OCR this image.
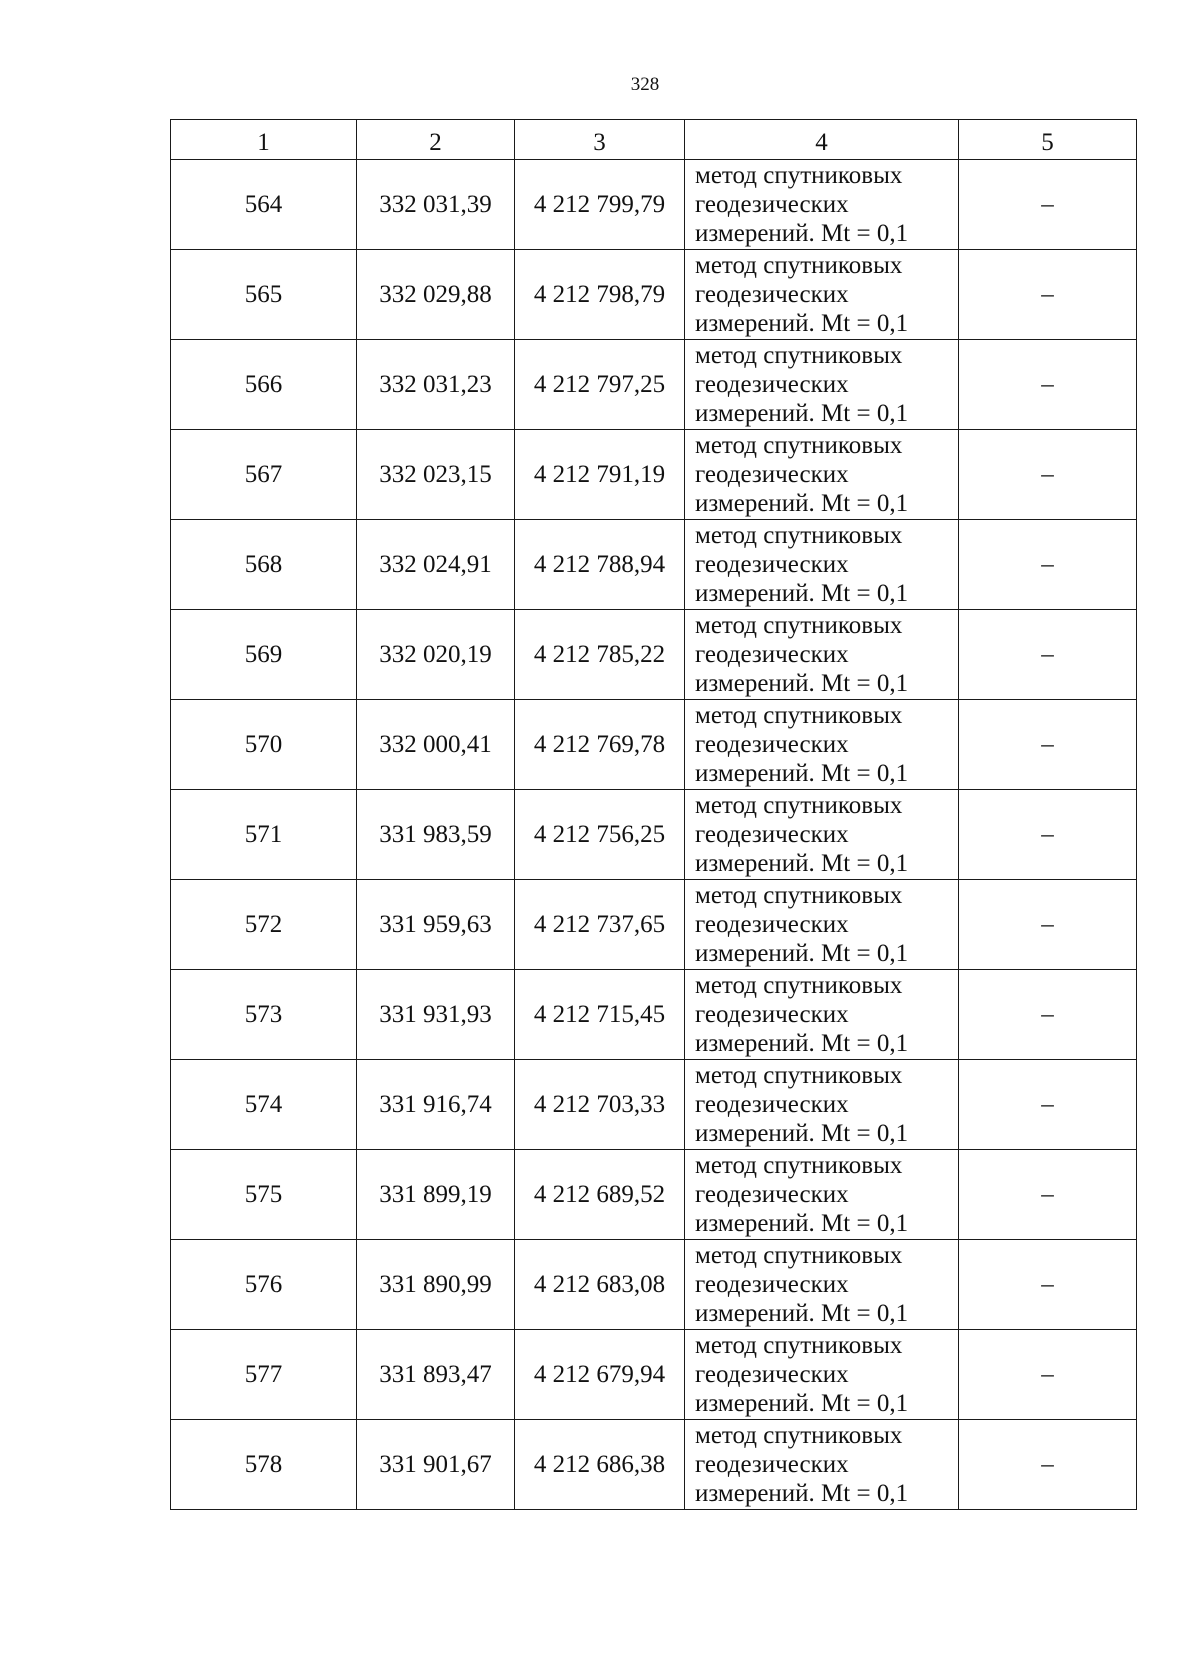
328
1	2	3	4	5
564	332 031,39	4 212 799,79	метод спутниковых
геодезических
измерений. Mt = 0,1	–
565	332 029,88	4 212 798,79	метод спутниковых
геодезических
измерений. Mt = 0,1	–
566	332 031,23	4 212 797,25	метод спутниковых
геодезических
измерений. Mt = 0,1	–
567	332 023,15	4 212 791,19	метод спутниковых
геодезических
измерений. Mt = 0,1	–
568	332 024,91	4 212 788,94	метод спутниковых
геодезических
измерений. Mt = 0,1	–
569	332 020,19	4 212 785,22	метод спутниковых
геодезических
измерений. Mt = 0,1	–
570	332 000,41	4 212 769,78	метод спутниковых
геодезических
измерений. Mt = 0,1	–
571	331 983,59	4 212 756,25	метод спутниковых
геодезических
измерений. Mt = 0,1	–
572	331 959,63	4 212 737,65	метод спутниковых
геодезических
измерений. Mt = 0,1	–
573	331 931,93	4 212 715,45	метод спутниковых
геодезических
измерений. Mt = 0,1	–
574	331 916,74	4 212 703,33	метод спутниковых
геодезических
измерений. Mt = 0,1	–
575	331 899,19	4 212 689,52	метод спутниковых
геодезических
измерений. Mt = 0,1	–
576	331 890,99	4 212 683,08	метод спутниковых
геодезических
измерений. Mt = 0,1	–
577	331 893,47	4 212 679,94	метод спутниковых
геодезических
измерений. Mt = 0,1	–
578	331 901,67	4 212 686,38	метод спутниковых
геодезических
измерений. Mt = 0,1	–
